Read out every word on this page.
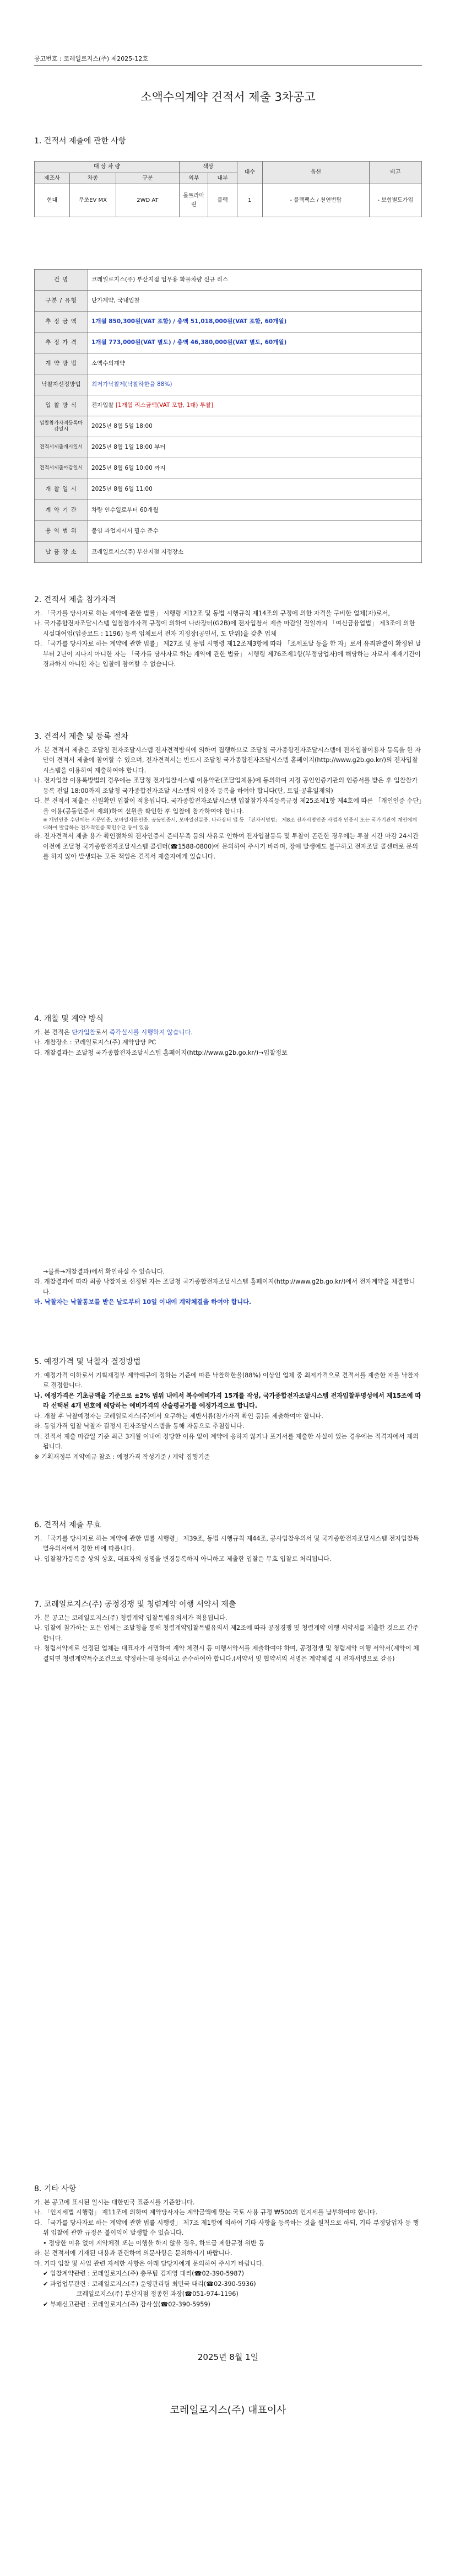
공고번호 : 코레일로지스(주) 제2025-12호
소액수의계약 견적서 제출 3차공고
1. 건적서 제출에 관한 사항
대 상 차 량			색상		대수	옵션	비고
제조사	차종	구분	외부	내부			
현대	무쏘EV MX	2WD AT	몰트라마린	블랙	1	- 블랙팩스 / 천연번탑	- 보험별도가입
건 명	코레일로지스(주) 부산지점 업무용 화물차량 신규 리스
구분 / 유형	단가계약, 국내입찰
추 정 금 액	1개월 850,300원(VAT 포함) / 총액 51,018,000원(VAT 포함, 60개월)
추 정 가 격	1개월 773,000원(VAT 별도) / 총액 46,380,000원(VAT 별도, 60개월)
계 약 방 법	소액수의계약
낙찰자선정방법	최저가낙찰제(낙찰하한율 88%)
입 찰 방 식	전자입찰 [1개월 리스금액(VAT 포함, 1대) 투찰]
입찰참가자격등록마감일시	2025년 8월 5일 18:00
견적서제출개시일시	2025년 8월 1일 18:00 부터
견적서제출마감일시	2025년 8월 6일 10:00 까지
개 찰 일 시	2025년 8월 6일 11:00
계 약 기 간	차량 인수일로부터 60개월
용 역 범 위	붙임 과업지시서 필수 준수
납 품 장 소	코레일로지스(주) 부산지점 지정장소
2. 견적서 제출 참가자격

가. 「국가를 당사자로 하는 계약에 관한 법률」 시행령 제12조 및 동법 시행규칙 제14조의 규정에 의한 자격을 구비한 업체(자)로서,

나. 국가종합전자조달시스템 입찰참가자격 규정에 의하여 나라장터(G2B)에 전자입찰서 제출 마감일 전일까지 「여신금융업법」 제3조에 의한 시설대여업(업종코드 : 1196) 등록 업체로서 전자 지정장(공인서, 도 단위)을 갖춘 업체

다. 「국가를 당사자로 하는 계약에 관한 법률」 제27조 및 동법 시행령 제12조제3항에 따라 「조세포탈 등을 한 자」로서 유죄판결이 확정된 날부터 2년이 지나지 아니한 자는 「국가를 당사자로 하는 계약에 관한 법률」 시행령 제76조제1항(부정당업자)에 해당하는 자로서 제재기간이 경과하지 아니한 자는 입찰에 참여할 수 없습니다.

3. 견적서 제출 및 등록 절차

가. 본 견적서 제출은 조달청 전자조달시스템 전자견적방식에 의하여 집행하므로 조달청 국가종합전자조달시스템에 전자입찰이용자 등록을 한 자만이 견적서 제출에 참여할 수 있으며, 전자견적서는 반드시 조달청 국가종합전자조달시스템 홈페이지(http://www.g2b.go.kr/)의 전자입찰시스템을 이용하여 제출하여야 합니다.

나. 전자입찰 이용록방법의 경우에는 조달청 전자입찰시스템 이용약관(조달업체용)에 동의하여 지정 공인인증기관의 인증서를 받은 후 입찰참가등록 전일 18:00까지 조달청 국가종합전자조달 시스템의 이용자 등록을 하여야 합니다(단, 토일·공휴일제외)

다. 본 견적서 제출은 신원확인 입찰이 적용됩니다. 국가종합전자조달시스템 입찰참가자격등록규정 제25조제1항 제4호에 따른 「개인인증 수단」을 이용(공동인증서 제외)하여 신원을 확인한 후 입찰에 참가하여야 합니다.

※ 개인인증 수단에는 지문인증, 모바일지문인증, 공동인증서, 모바일신분증, 나라장터 앱 등 「전자서명법」 제8조 전자서명인증 사업자 인증서 또는 국가기관이 개인에게 대하여 발급하는 전자적인증 확인수단 등이 있음

라. 전자견적서 제출 용가 확인절차의 전자인증서 준비부족 등의 사유로 인하여 전자입찰등록 및 투찰이 곤란한 경우에는 투찰 시간 마감 24시간 이전에 조달청 국가종합전자조달시스템 콜센터(☎1588-0800)에 문의하여 주시기 바라며, 장애 발생에도 불구하고 전자조달 콜센터로 문의를 하지 않아 발생되는 모든 책임은 견적서 제출자에게 있습니다.

4. 개찰 및 계약 방식

가. 본 견적은 단가입찰로서 즉각실시를 시행하지 않습니다.

나. 개찰장소 : 코레일로지스(주) 계약담당 PC

다. 개찰결과는 조달청 국가종합전자조달시스템 홈페이지(http://www.g2b.go.kr/)→입찰정보

→물품→개찰결과)에서 확인하실 수 있습니다.

라. 개찰결과에 따라 최종 낙찰자로 선정된 자는 조달청 국가종합전자조달시스템 홈페이지(http://www.g2b.go.kr/)에서 전자계약을 체결합니다.

마. 낙찰자는 낙찰통보를 받은 날로부터 10일 이내에 계약체결을 하여야 합니다.

5. 예정가격 및 낙찰자 결정방법

가. 예정가격 이하로서 기획재정부 계약예규에 정하는 기준에 따른 낙찰하한율(88%) 이상인 업체 중 최저가격으로 견적서를 제출한 자를 낙찰자로 결정합니다.

나. 예정가격은 기초금액을 기준으로 ±2% 범위 내에서 복수예비가격 15개를 작성, 국가종합전자조달시스템 전자입찰투명성에서 제15조에 따라 선택된 4개 번호에 해당하는 예비가격의 산술평균가를 예정가격으로 합니다.

다. 개찰 후 낙찰예정자는 코레일로지스(주)에서 요구하는 제반서류(참가자격 확인 등)를 제출하여야 합니다.

라. 동일가격 입찰 낙찰자 결정시 전자조달시스템을 통해 자동으로 추첨합니다.

마. 견적서 제출 마감일 기준 최근 3개월 이내에 정당한 이유 없이 계약에 응하지 않거나 포기서를 제출한 사실이 있는 경우에는 적격자에서 제외됩니다.

※ 기획재정부 계약예규 참조 : 예정가격 작성기준 / 계약 집행기준

6. 견적서 제출 무효

가. 「국가를 당사자로 하는 계약에 관한 법률 시행령」 제39조, 동법 시행규칙 제44조, 공사입찰유의서 및 국가종합전자조달시스템 전자입찰특별유의서에서 정한 바에 따릅니다.

나. 입찰참가등록증 상의 상호, 대표자의 성명을 변경등록하지 아니하고 제출한 입찰은 무효 입찰로 처리됩니다.

7. 코레일로지스(주) 공정경쟁 및 청렴계약 이행 서약서 제출

가. 본 공고는 코레일로지스(주) 청렴계약 입찰특별유의서가 적용됩니다.

나. 입찰에 참가하는 모든 업체는 조달청을 통해 청렴계약입찰특별유의서 제2조에 따라 공정경쟁 및 청렴계약 이행 서약서를 제출한 것으로 간주합니다.

다. 청렴서약제로 선정된 업체는 대표자가 서명하여 계약 체결시 등 이행서약서를 제출하여야 하며, 공정경쟁 및 청렴계약 이행 서약서(계약이 체결되면 청렴계약특수조건으로 약정하는데 동의하고 준수하여야 합니다.(서약서 및 협약서의 서명은 계약체결 시 전자서명으로 갈음)

8. 기타 사항

가. 본 공고에 표시된 일시는 대한민국 표준시를 기준합니다.

나. 「인지세법 시행령」 제11조에 의하여 계약당사자는 계약금액에 맞는 국토 사용 규정 ₩500의 인지세를 납부하여야 합니다.

다. 「국가를 당사자로 하는 계약에 관한 법률 시행령」 제7조 제1항에 의하여 기타 사항을 등록하는 것을 원칙으로 하되, 기타 부정당업자 등 행위 입찰에 관한 규정은 불이익이 발생할 수 있습니다.

• 정당한 이유 없이 계약체결 또는 이행을 하지 않을 경우, 하도급 제한규정 위반 등

라. 본 견적서에 기재된 내용과 관련하여 의문사항은 문의하시기 바랍니다.

마. 기타 입찰 및 사업 관련 자세한 사항은 아래 담당자에게 문의하여 주시기 바랍니다.

✔ 입찰계약관련 : 코레일로지스(주) 총무팀 김재영 대리(☎02-390-5987)

✔ 과업업무관련 : 코레일로지스(주) 운영관리팀 최민국 대리(☎02-390-5936)

코레일로지스(주) 부산지점 정종현 과장(☎051-974-1196)

✔ 부패신고관련 : 코레일로지스(주) 감사실(☎02-390-5959)

2025년 8월 1일
코레일로지스(주) 대표이사
